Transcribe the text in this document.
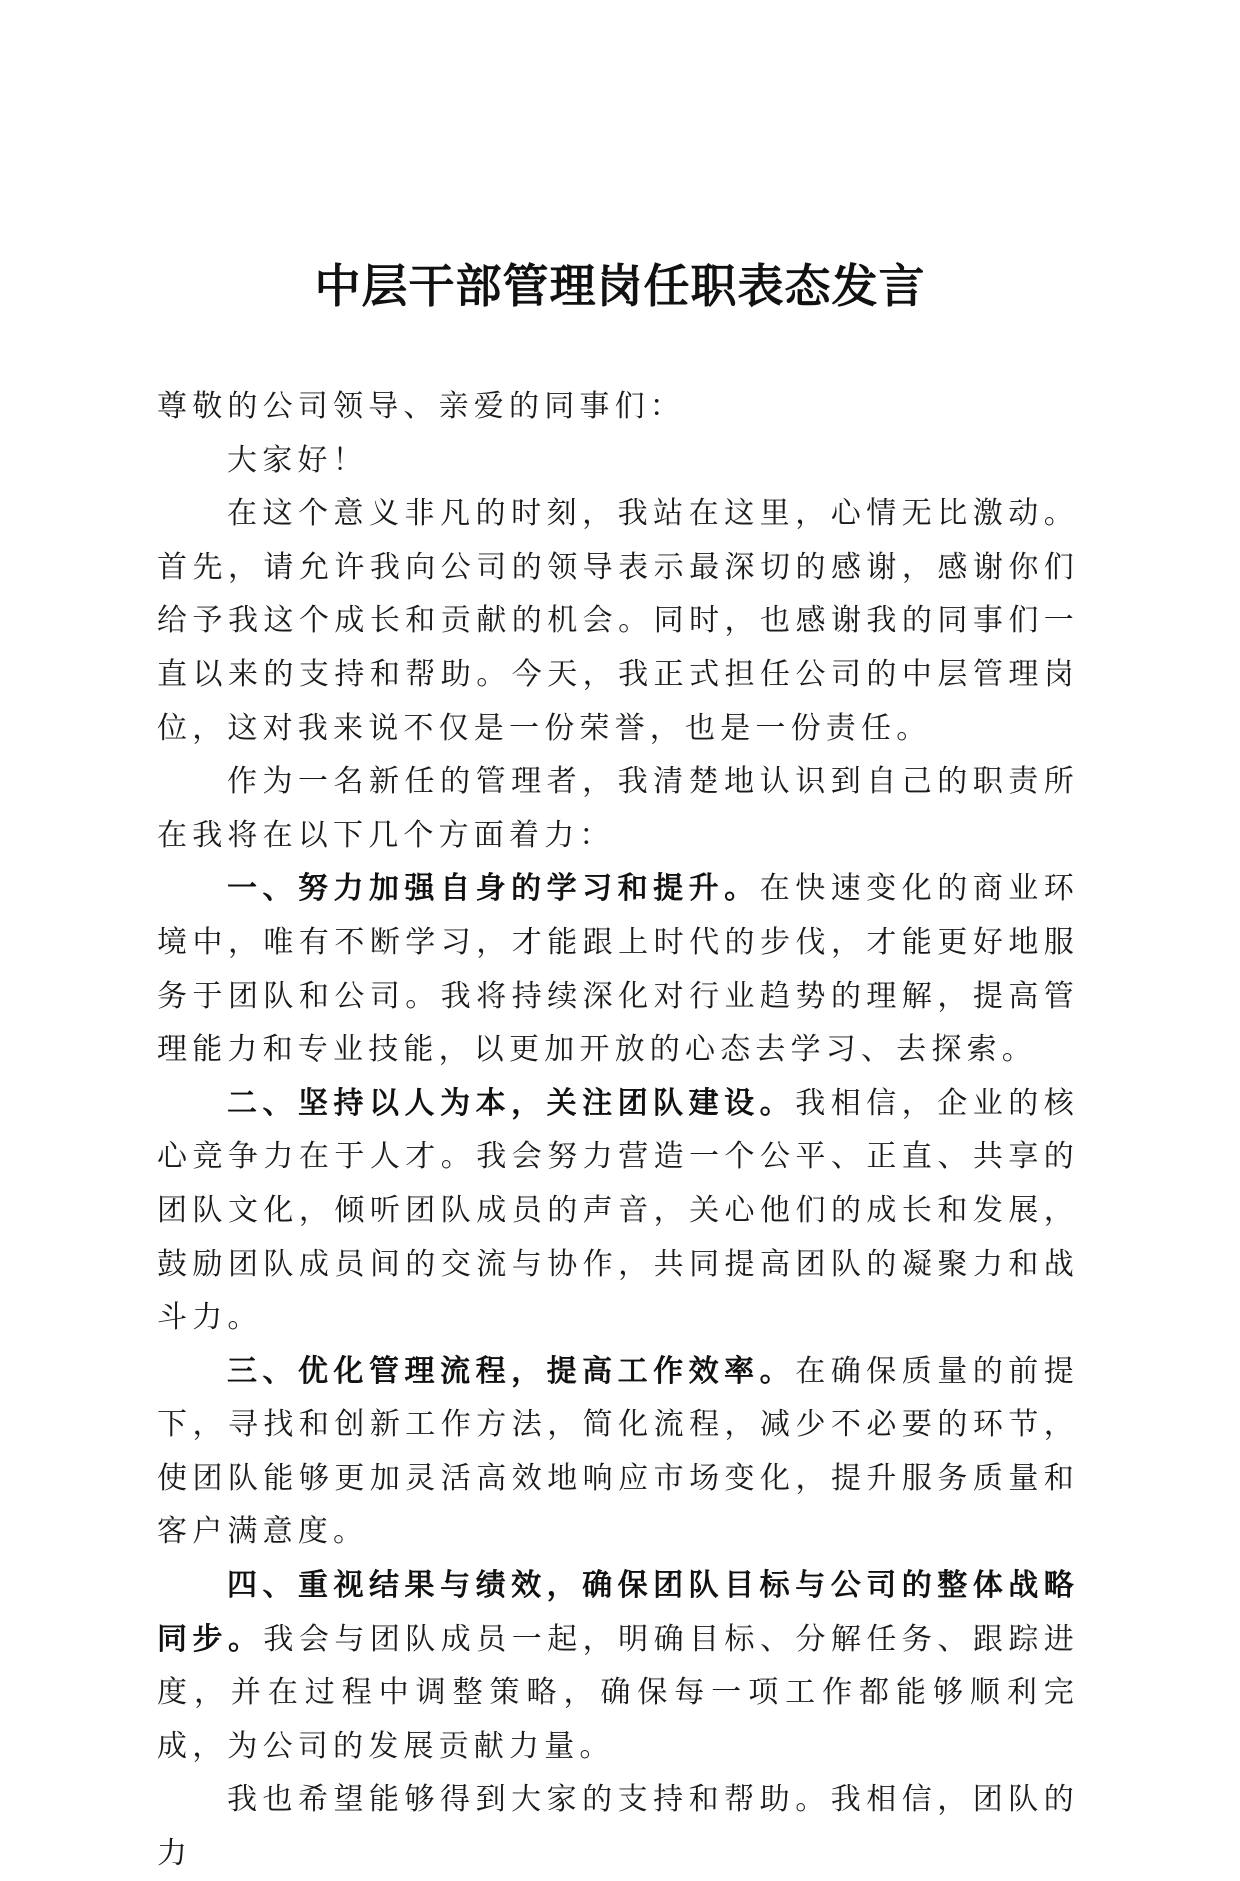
中层干部管理岗任职表态发言

尊敬的公司领导、亲爱的同事们：

大家好！

在这个意义非凡的时刻，我站在这里，心情无比激动。首先，请允许我向公司的领导表示最深切的感谢，感谢你们给予我这个成长和贡献的机会。同时，也感谢我的同事们一直以来的支持和帮助。今天，我正式担任公司的中层管理岗位，这对我来说不仅是一份荣誉，也是一份责任。

作为一名新任的管理者，我清楚地认识到自己的职责所在我将在以下几个方面着力：

一、努力加强自身的学习和提升。在快速变化的商业环境中，唯有不断学习，才能跟上时代的步伐，才能更好地服务于团队和公司。我将持续深化对行业趋势的理解，提高管理能力和专业技能，以更加开放的心态去学习、去探索。

二、坚持以人为本，关注团队建设。我相信，企业的核心竞争力在于人才。我会努力营造一个公平、正直、共享的团队文化，倾听团队成员的声音，关心他们的成长和发展，鼓励团队成员间的交流与协作，共同提高团队的凝聚力和战斗力。

三、优化管理流程，提高工作效率。在确保质量的前提下，寻找和创新工作方法，简化流程，减少不必要的环节，使团队能够更加灵活高效地响应市场变化，提升服务质量和客户满意度。

四、重视结果与绩效，确保团队目标与公司的整体战略同步。我会与团队成员一起，明确目标、分解任务、跟踪进度，并在过程中调整策略，确保每一项工作都能够顺利完成，为公司的发展贡献力量。

我也希望能够得到大家的支持和帮助。我相信，团队的力
